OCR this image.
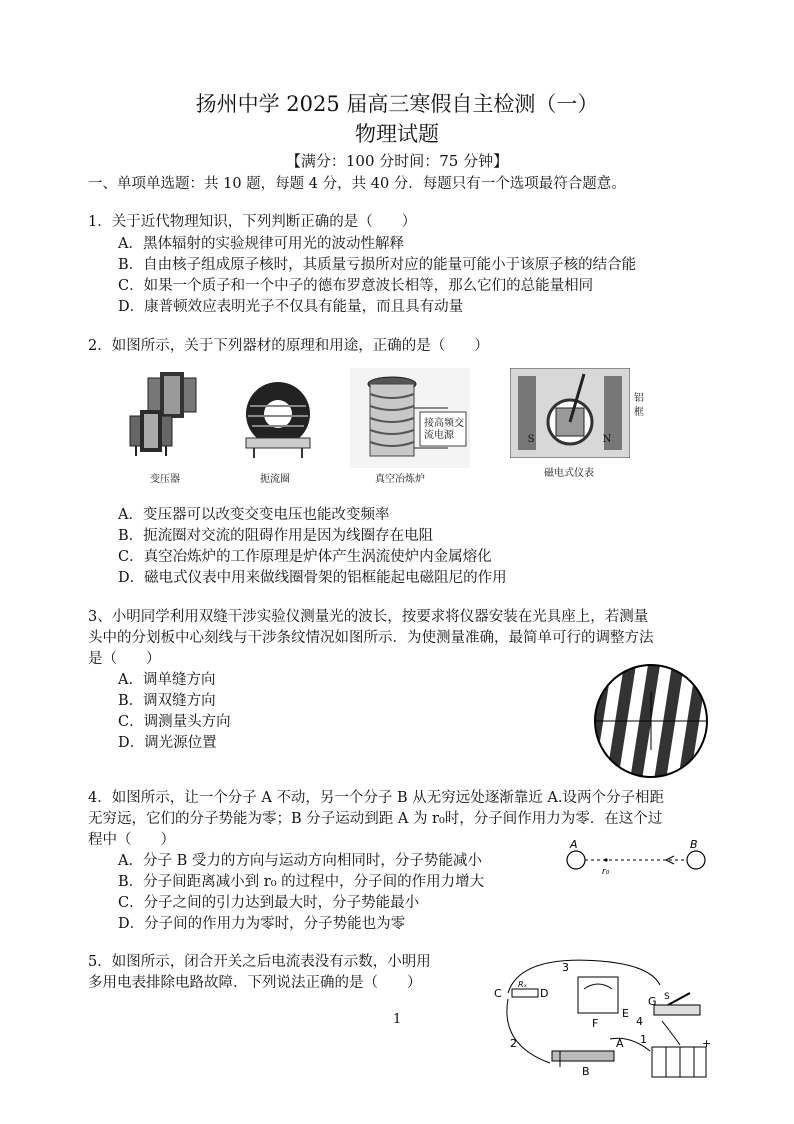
扬州中学 2025 届高三寒假自主检测（一）
物理试题
【满分：100 分时间：75 分钟】
一、单项单选题：共 10 题，每题 4 分，共 40 分．每题只有一个选项最符合题意。
1．关于近代物理知识，下列判断正确的是（　　）
A．黑体辐射的实验规律可用光的波动性解释
B．自由核子组成原子核时，其质量亏损所对应的能量可能小于该原子核的结合能
C．如果一个质子和一个中子的德布罗意波长相等，那么它们的总能量相同
D．康普顿效应表明光子不仅具有能量，而且具有动量
2．如图所示，关于下列器材的原理和用途，正确的是（　　）
变压器	扼流圈
接高频交
流电源
真空冶炼炉
S	N
铝
框
磁电式仪表
A．变压器可以改变交变电压也能改变频率
B．扼流圈对交流的阻碍作用是因为线圈存在电阻
C．真空冶炼炉的工作原理是炉体产生涡流使炉内金属熔化
D．磁电式仪表中用来做线圈骨架的铝框能起电磁阻尼的作用
3、小明同学利用双缝干涉实验仪测量光的波长，按要求将仪器安装在光具座上，若测量
头中的分划板中心刻线与干涉条纹情况如图所示．为使测量准确，最简单可行的调整方法
是（　　）
A．调单缝方向
B．调双缝方向
C．调测量头方向
D．调光源位置
4．如图所示，让一个分子 A 不动，另一个分子 B 从无穷远处逐渐靠近 A.设两个分子相距
无穷远，它们的分子势能为零；B 分子运动到距 A 为 r₀时，分子间作用力为零．在这个过
程中（　　）
A．分子 B 受力的方向与运动方向相同时，分子势能减小
B．分子间距离减小到 r₀ 的过程中，分子间的作用力增大
C．分子之间的引力达到最大时，分子势能最小
D．分子间的作用力为零时，分子势能也为零
A	B
r₀
5．如图所示，闭合开关之后电流表没有示数，小明用
多用电表排除电路故障．下列说法正确的是（　　）
C	D
Rₓ
3
E
F	4
G S
1
2	A
B
+
1
